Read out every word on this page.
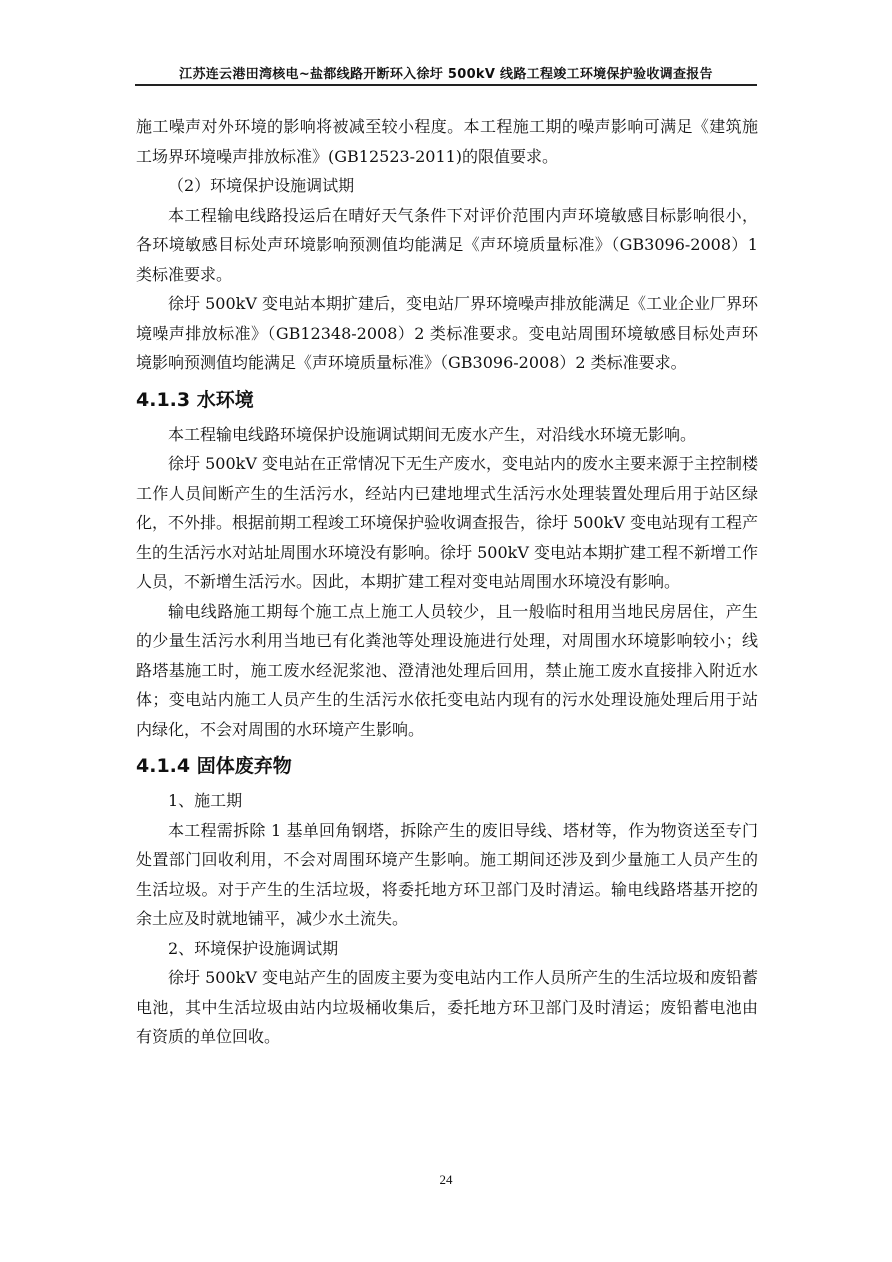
江苏连云港田湾核电~盐都线路开断环入徐圩 500kV 线路工程竣工环境保护验收调查报告

施工噪声对外环境的影响将被减至较小程度。本工程施工期的噪声影响可满足《建筑施工场界环境噪声排放标准》(GB12523-2011)的限值要求。

（2）环境保护设施调试期

本工程输电线路投运后在晴好天气条件下对评价范围内声环境敏感目标影响很小，各环境敏感目标处声环境影响预测值均能满足《声环境质量标准》（GB3096-2008）1 类标准要求。

徐圩 500kV 变电站本期扩建后，变电站厂界环境噪声排放能满足《工业企业厂界环境噪声排放标准》（GB12348-2008）2 类标准要求。变电站周围环境敏感目标处声环境影响预测值均能满足《声环境质量标准》（GB3096-2008）2 类标准要求。

4.1.3 水环境

本工程输电线路环境保护设施调试期间无废水产生，对沿线水环境无影响。

徐圩 500kV 变电站在正常情况下无生产废水，变电站内的废水主要来源于主控制楼工作人员间断产生的生活污水，经站内已建地埋式生活污水处理装置处理后用于站区绿化，不外排。根据前期工程竣工环境保护验收调查报告，徐圩 500kV 变电站现有工程产生的生活污水对站址周围水环境没有影响。徐圩 500kV 变电站本期扩建工程不新增工作人员，不新增生活污水。因此，本期扩建工程对变电站周围水环境没有影响。

输电线路施工期每个施工点上施工人员较少，且一般临时租用当地民房居住，产生的少量生活污水利用当地已有化粪池等处理设施进行处理，对周围水环境影响较小；线路塔基施工时，施工废水经泥浆池、澄清池处理后回用，禁止施工废水直接排入附近水体；变电站内施工人员产生的生活污水依托变电站内现有的污水处理设施处理后用于站内绿化，不会对周围的水环境产生影响。

4.1.4 固体废弃物

1、施工期

本工程需拆除 1 基单回角钢塔，拆除产生的废旧导线、塔材等，作为物资送至专门处置部门回收利用，不会对周围环境产生影响。施工期间还涉及到少量施工人员产生的生活垃圾。对于产生的生活垃圾，将委托地方环卫部门及时清运。输电线路塔基开挖的余土应及时就地铺平，减少水土流失。

2、环境保护设施调试期

徐圩 500kV 变电站产生的固废主要为变电站内工作人员所产生的生活垃圾和废铅蓄电池，其中生活垃圾由站内垃圾桶收集后，委托地方环卫部门及时清运；废铅蓄电池由有资质的单位回收。

24
